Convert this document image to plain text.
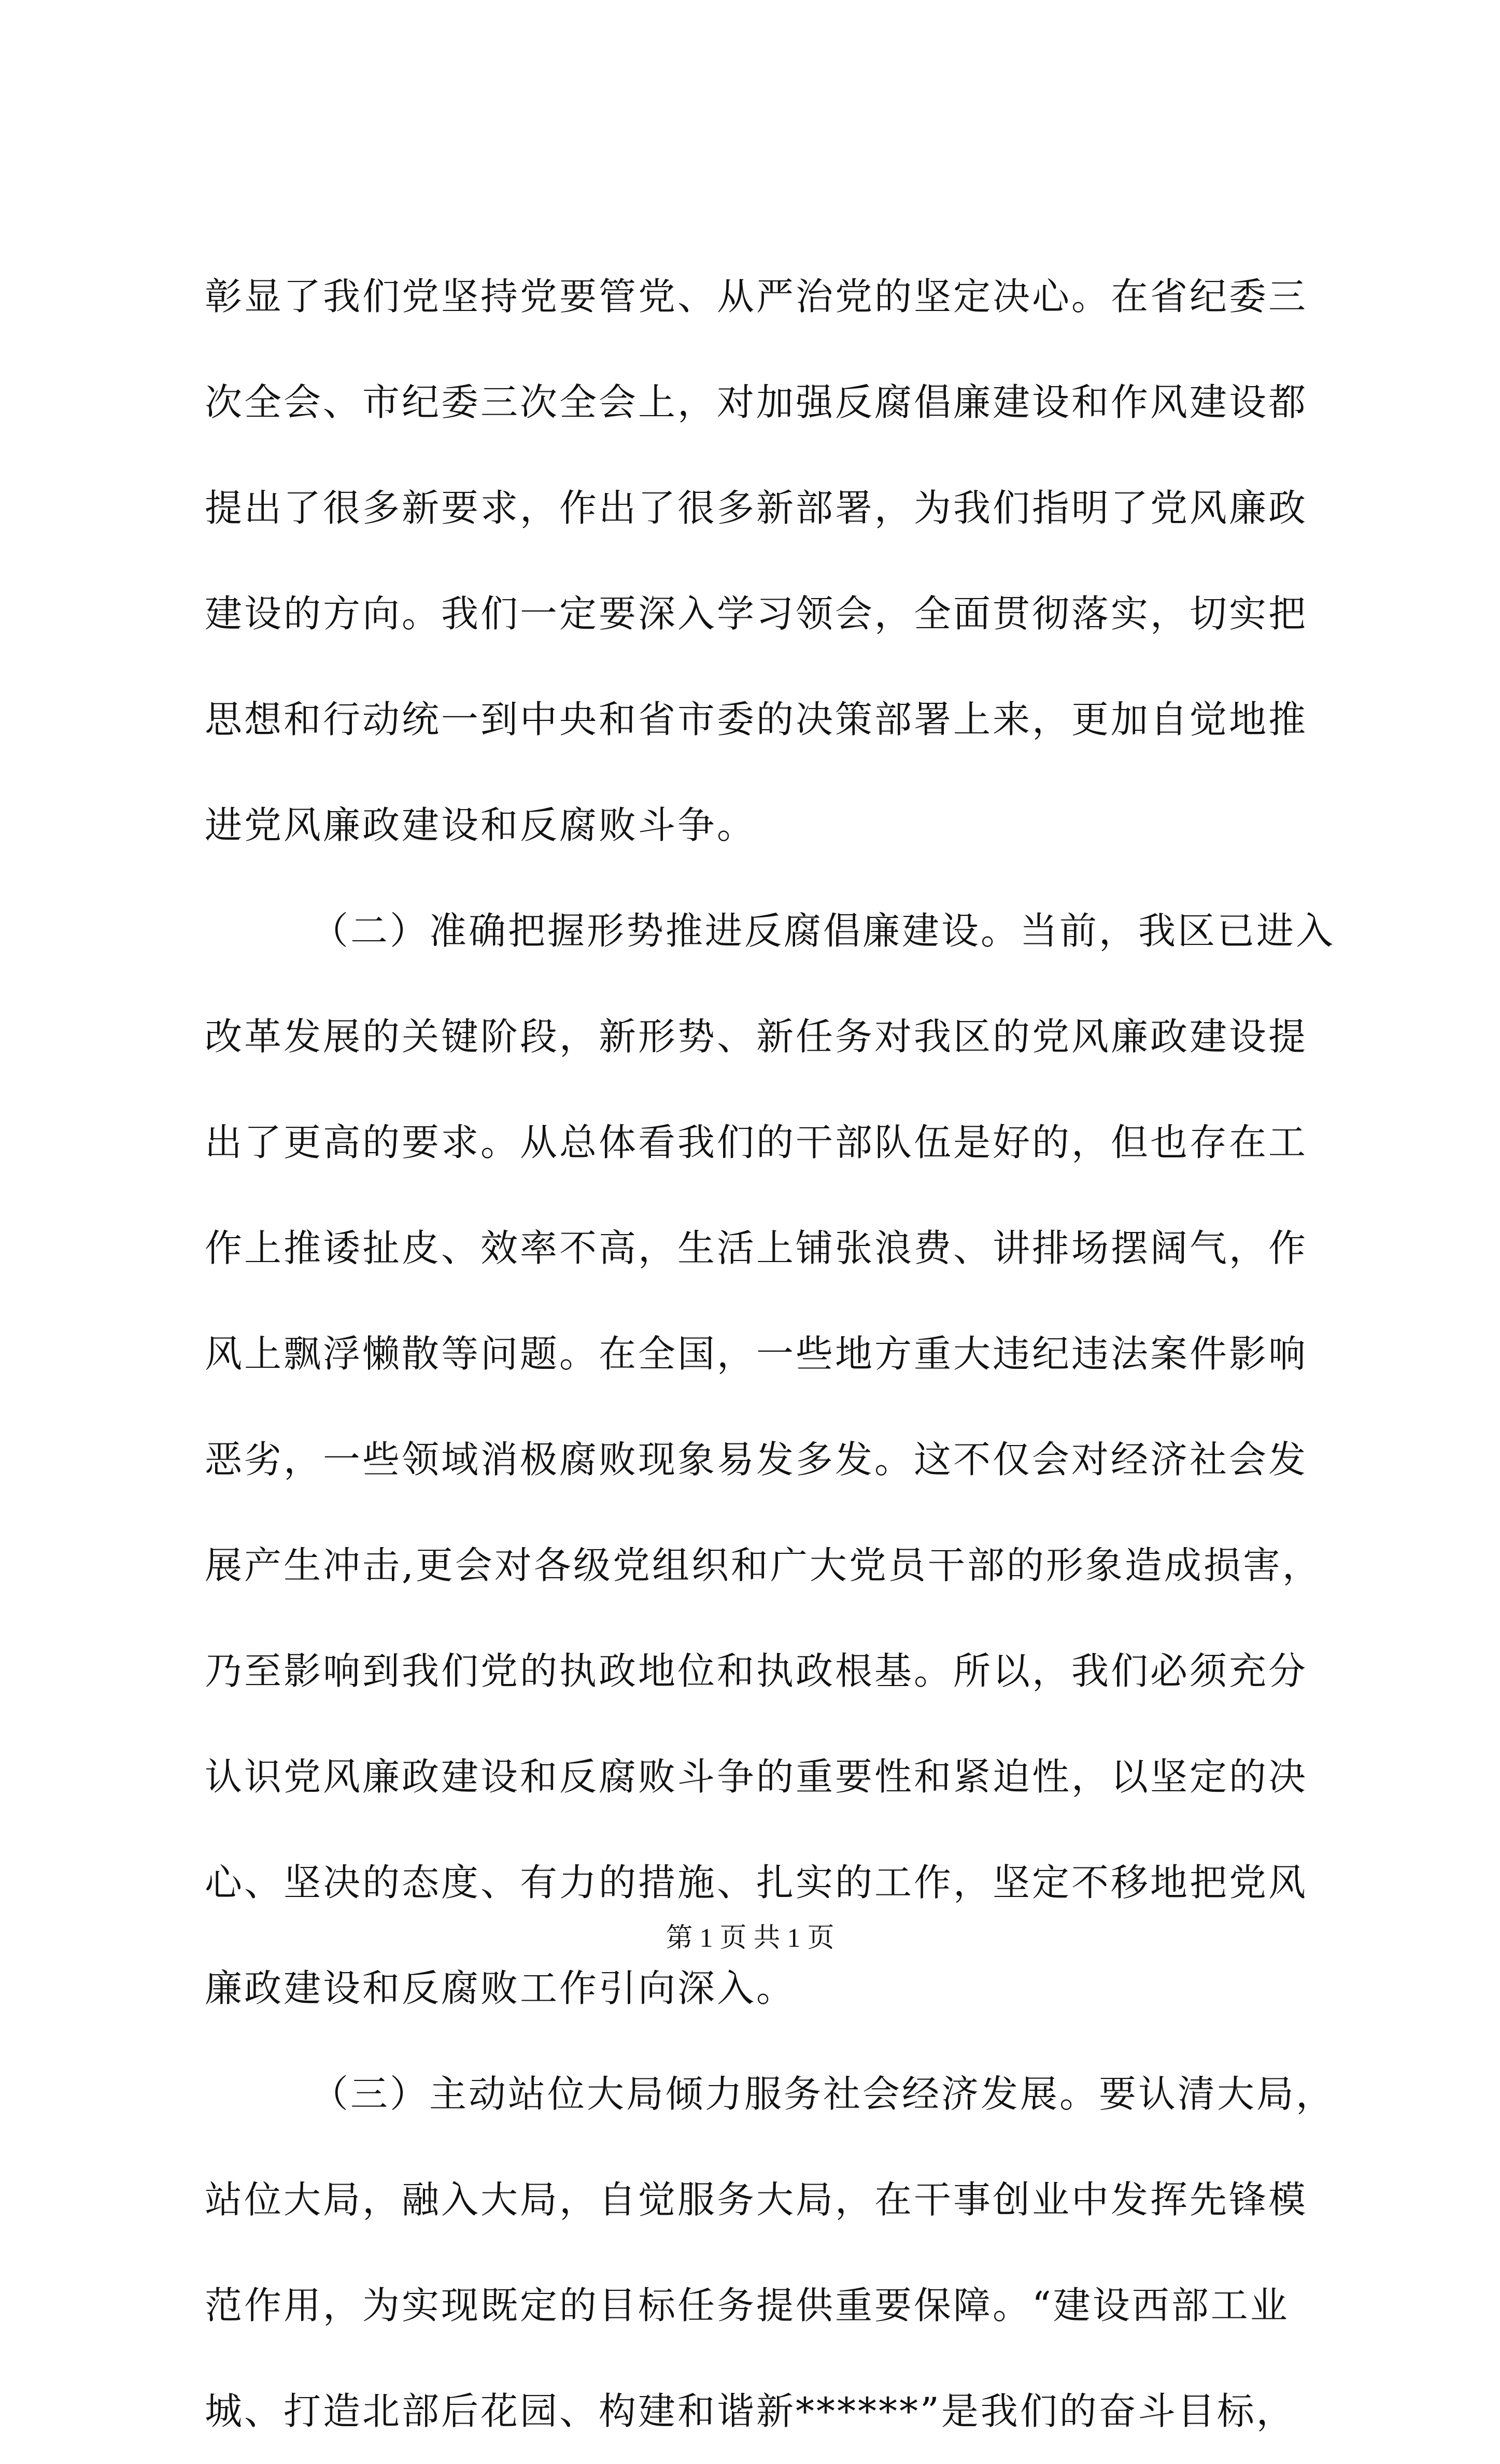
彰显了我们党坚持党要管党、从严治党的坚定决心。在省纪委三
次全会、市纪委三次全会上，对加强反腐倡廉建设和作风建设都
提出了很多新要求，作出了很多新部署，为我们指明了党风廉政
建设的方向。我们一定要深入学习领会，全面贯彻落实，切实把
思想和行动统一到中央和省市委的决策部署上来，更加自觉地推
进党风廉政建设和反腐败斗争。
（二）准确把握形势推进反腐倡廉建设。当前，我区已进入
改革发展的关键阶段，新形势、新任务对我区的党风廉政建设提
出了更高的要求。从总体看我们的干部队伍是好的，但也存在工
作上推诿扯皮、效率不高，生活上铺张浪费、讲排场摆阔气，作
风上飘浮懒散等问题。在全国，一些地方重大违纪违法案件影响
恶劣，一些领域消极腐败现象易发多发。这不仅会对经济社会发
展产生冲击,更会对各级党组织和广大党员干部的形象造成损害，
乃至影响到我们党的执政地位和执政根基。所以，我们必须充分
认识党风廉政建设和反腐败斗争的重要性和紧迫性，以坚定的决
心、坚决的态度、有力的措施、扎实的工作，坚定不移地把党风
廉政建设和反腐败工作引向深入。
（三）主动站位大局倾力服务社会经济发展。要认清大局，
站位大局，融入大局，自觉服务大局，在干事创业中发挥先锋模
范作用，为实现既定的目标任务提供重要保障。“建设西部工业
城、打造北部后花园、构建和谐新******”是我们的奋斗目标，
第 1 页 共 1 页
